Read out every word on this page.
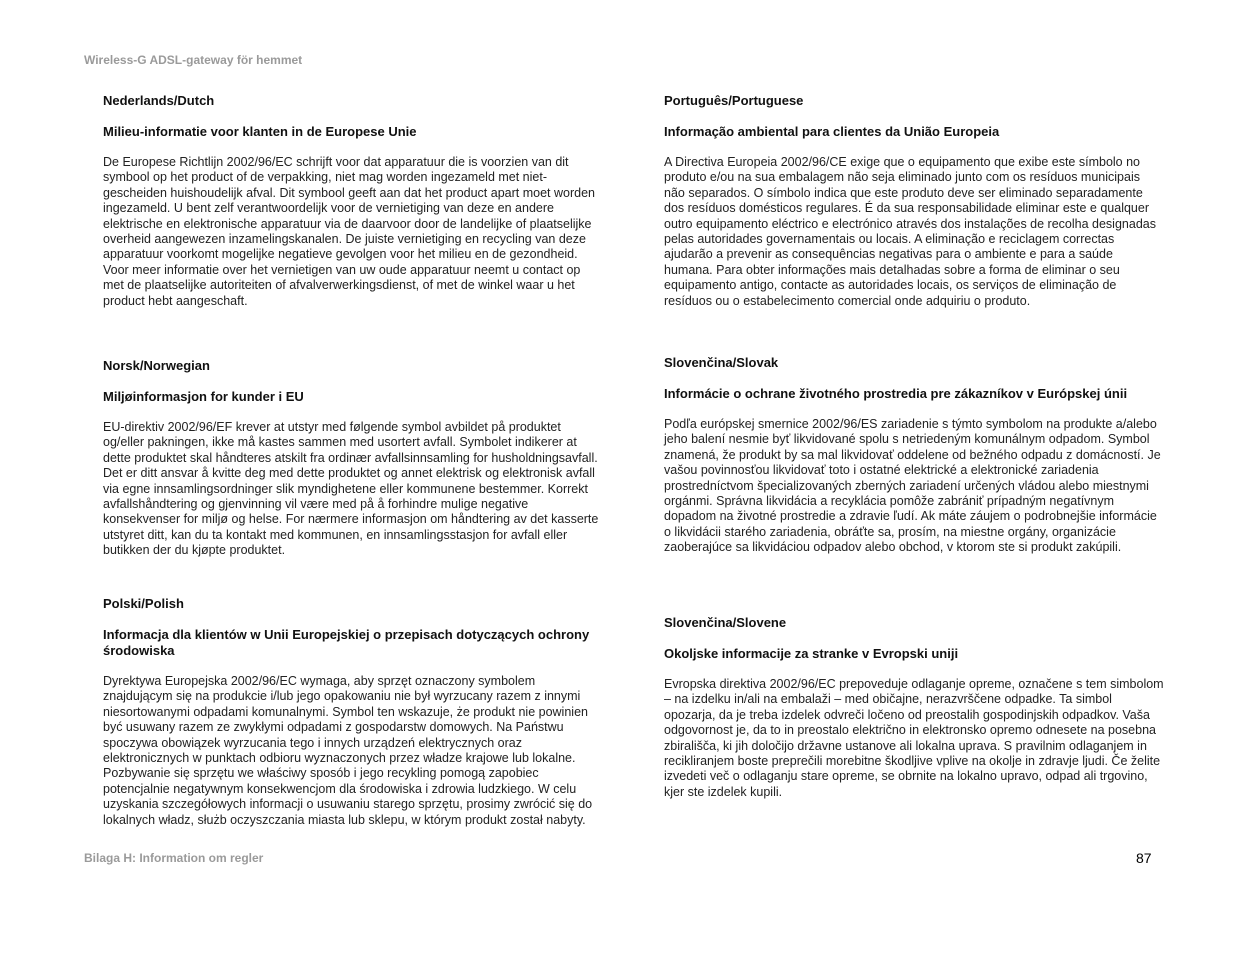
Wireless-G ADSL-gateway för hemmet
Nederlands/Dutch
Milieu-informatie voor klanten in de Europese Unie

De Europese Richtlijn 2002/96/EC schrijft voor dat apparatuur die is voorzien van dit symbool op het product of de verpakking, niet mag worden ingezameld met niet-gescheiden huishoudelijk afval. Dit symbool geeft aan dat het product apart moet worden ingezameld. U bent zelf verantwoordelijk voor de vernietiging van deze en andere elektrische en elektronische apparatuur via de daarvoor door de landelijke of plaatselijke overheid aangewezen inzamelingskanalen. De juiste vernietiging en recycling van deze apparatuur voorkomt mogelijke negatieve gevolgen voor het milieu en de gezondheid. Voor meer informatie over het vernietigen van uw oude apparatuur neemt u contact op met de plaatselijke autoriteiten of afvalverwerkingsdienst, of met de winkel waar u het product hebt aangeschaft.

Norsk/Norwegian
Miljøinformasjon for kunder i EU

EU-direktiv 2002/96/EF krever at utstyr med følgende symbol avbildet på produktet og/eller pakningen, ikke må kastes sammen med usortert avfall. Symbolet indikerer at dette produktet skal håndteres atskilt fra ordinær avfallsinnsamling for husholdningsavfall. Det er ditt ansvar å kvitte deg med dette produktet og annet elektrisk og elektronisk avfall via egne innsamlingsordninger slik myndighetene eller kommunene bestemmer. Korrekt avfallshåndtering og gjenvinning vil være med på å forhindre mulige negative konsekvenser for miljø og helse. For nærmere informasjon om håndtering av det kasserte utstyret ditt, kan du ta kontakt med kommunen, en innsamlingsstasjon for avfall eller butikken der du kjøpte produktet.

Polski/Polish
Informacja dla klientów w Unii Europejskiej o przepisach dotyczących ochrony środowiska

Dyrektywa Europejska 2002/96/EC wymaga, aby sprzęt oznaczony symbolem znajdującym się na produkcie i/lub jego opakowaniu nie był wyrzucany razem z innymi niesortowanymi odpadami komunalnymi. Symbol ten wskazuje, że produkt nie powinien być usuwany razem ze zwykłymi odpadami z gospodarstw domowych. Na Państwu spoczywa obowiązek wyrzucania tego i innych urządzeń elektrycznych oraz elektronicznych w punktach odbioru wyznaczonych przez władze krajowe lub lokalne. Pozbywanie się sprzętu we właściwy sposób i jego recykling pomogą zapobiec potencjalnie negatywnym konsekwencjom dla środowiska i zdrowia ludzkiego. W celu uzyskania szczegółowych informacji o usuwaniu starego sprzętu, prosimy zwrócić się do lokalnych władz, służb oczyszczania miasta lub sklepu, w którym produkt został nabyty.

Português/Portuguese
Informação ambiental para clientes da União Europeia

A Directiva Europeia 2002/96/CE exige que o equipamento que exibe este símbolo no produto e/ou na sua embalagem não seja eliminado junto com os resíduos municipais não separados. O símbolo indica que este produto deve ser eliminado separadamente dos resíduos domésticos regulares. É da sua responsabilidade eliminar este e qualquer outro equipamento eléctrico e electrónico através dos instalações de recolha designadas pelas autoridades governamentais ou locais. A eliminação e reciclagem correctas ajudarão a prevenir as consequências negativas para o ambiente e para a saúde humana. Para obter informações mais detalhadas sobre a forma de eliminar o seu equipamento antigo, contacte as autoridades locais, os serviços de eliminação de resíduos ou o estabelecimento comercial onde adquiriu o produto.

Slovenčina/Slovak
Informácie o ochrane životného prostredia pre zákazníkov v Európskej únii

Podľa európskej smernice 2002/96/ES zariadenie s týmto symbolom na produkte a/alebo jeho balení nesmie byť likvidované spolu s netriedeným komunálnym odpadom. Symbol znamená, že produkt by sa mal likvidovať oddelene od bežného odpadu z domácností. Je vašou povinnosťou likvidovať toto i ostatné elektrické a elektronické zariadenia prostredníctvom špecializovaných zberných zariadení určených vládou alebo miestnymi orgánmi. Správna likvidácia a recyklácia pomôže zabrániť prípadným negatívnym dopadom na životné prostredie a zdravie ľudí. Ak máte záujem o podrobnejšie informácie o likvidácii starého zariadenia, obráťte sa, prosím, na miestne orgány, organizácie zaoberajúce sa likvidáciou odpadov alebo obchod, v ktorom ste si produkt zakúpili.

Slovenčina/Slovene
Okoljske informacije za stranke v Evropski uniji

Evropska direktiva 2002/96/EC prepoveduje odlaganje opreme, označene s tem simbolom – na izdelku in/ali na embalaži – med običajne, nerazvrščene odpadke. Ta simbol opozarja, da je treba izdelek odvreči ločeno od preostalih gospodinjskih odpadkov. Vaša odgovornost je, da to in preostalo električno in elektronsko opremo odnesete na posebna zbirališča, ki jih določijo državne ustanove ali lokalna uprava. S pravilnim odlaganjem in recikliranjem boste preprečili morebitne škodljive vplive na okolje in zdravje ljudi. Če želite izvedeti več o odlaganju stare opreme, se obrnite na lokalno upravo, odpad ali trgovino, kjer ste izdelek kupili.

Bilaga H: Information om regler	87
